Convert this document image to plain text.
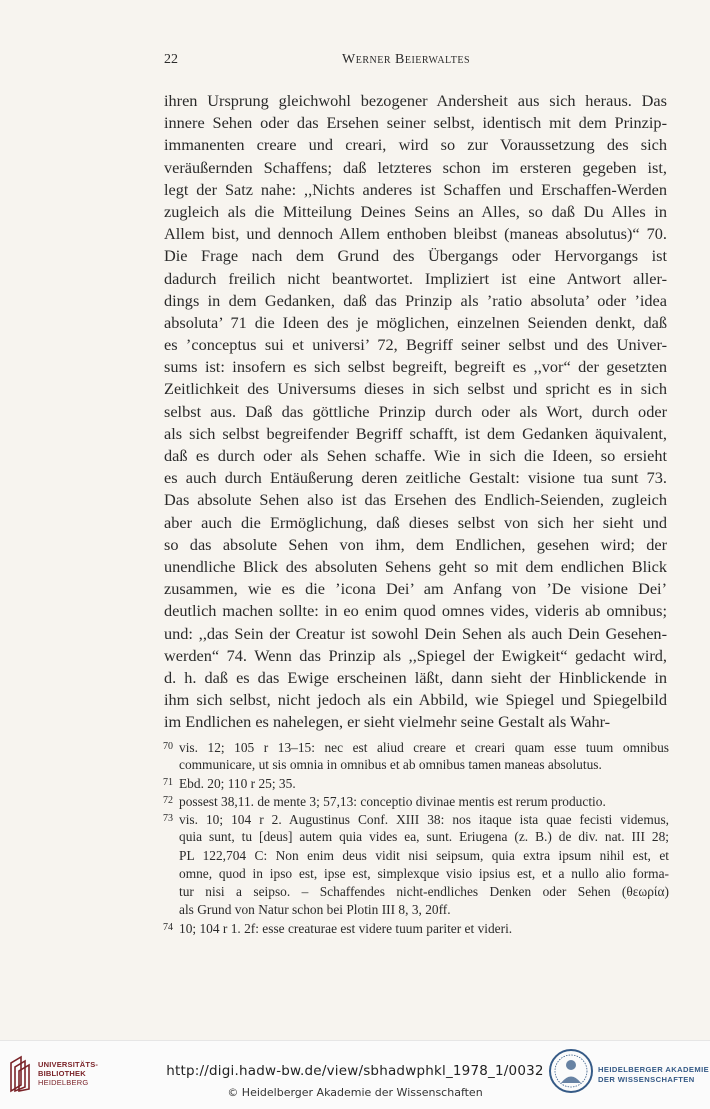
22	Werner Beierwaltes
ihren Ursprung gleichwohl bezogener Andersheit aus sich heraus. Das
innere Sehen oder das Ersehen seiner selbst, identisch mit dem Prinzip-
immanenten creare und creari, wird so zur Voraussetzung des sich
veräußernden Schaffens; daß letzteres schon im ersteren gegeben ist,
legt der Satz nahe: ,,Nichts anderes ist Schaffen und Erschaffen-Werden
zugleich als die Mitteilung Deines Seins an Alles, so daß Du Alles in
Allem bist, und dennoch Allem enthoben bleibst (maneas absolutus)“ 70.
Die Frage nach dem Grund des Übergangs oder Hervorgangs ist
dadurch freilich nicht beantwortet. Impliziert ist eine Antwort aller-
dings in dem Gedanken, daß das Prinzip als ’ratio absoluta’ oder ’idea
absoluta’ 71 die Ideen des je möglichen, einzelnen Seienden denkt, daß
es ’conceptus sui et universi’ 72, Begriff seiner selbst und des Univer-
sums ist: insofern es sich selbst begreift, begreift es ,,vor“ der gesetzten
Zeitlichkeit des Universums dieses in sich selbst und spricht es in sich
selbst aus. Daß das göttliche Prinzip durch oder als Wort, durch oder
als sich selbst begreifender Begriff schafft, ist dem Gedanken äquivalent,
daß es durch oder als Sehen schaffe. Wie in sich die Ideen, so ersieht
es auch durch Entäußerung deren zeitliche Gestalt: visione tua sunt 73.
Das absolute Sehen also ist das Ersehen des Endlich-Seienden, zugleich
aber auch die Ermöglichung, daß dieses selbst von sich her sieht und
so das absolute Sehen von ihm, dem Endlichen, gesehen wird; der
unendliche Blick des absoluten Sehens geht so mit dem endlichen Blick
zusammen, wie es die ’icona Dei’ am Anfang von ’De visione Dei’
deutlich machen sollte: in eo enim quod omnes vides, videris ab omnibus;
und: ,,das Sein der Creatur ist sowohl Dein Sehen als auch Dein Gesehen-
werden“ 74. Wenn das Prinzip als ,,Spiegel der Ewigkeit“ gedacht wird,
d. h. daß es das Ewige erscheinen läßt, dann sieht der Hinblickende in
ihm sich selbst, nicht jedoch als ein Abbild, wie Spiegel und Spiegelbild
im Endlichen es nahelegen, er sieht vielmehr seine Gestalt als Wahr-
70 vis. 12; 105 r 13–15: nec est aliud creare et creari quam esse tuum omnibus
communicare, ut sis omnia in omnibus et ab omnibus tamen maneas absolutus.
71 Ebd. 20; 110 r 25; 35.
72 possest 38,11. de mente 3; 57,13: conceptio divinae mentis est rerum productio.
73 vis. 10; 104 r 2. Augustinus Conf. XIII 38: nos itaque ista quae fecisti videmus,
quia sunt, tu [deus] autem quia vides ea, sunt. Eriugena (z. B.) de div. nat. III 28;
PL 122,704 C: Non enim deus vidit nisi seipsum, quia extra ipsum nihil est, et
omne, quod in ipso est, ipse est, simplexque visio ipsius est, et a nullo alio forma-
tur nisi a seipso. – Schaffendes nicht-endliches Denken oder Sehen (θεωρία)
als Grund von Natur schon bei Plotin III 8, 3, 20ff.
74 10; 104 r 1. 2f: esse creaturae est videre tuum pariter et videri.
UNIVERSITÄTS-
BIBLIOTHEK
HEIDELBERG
http://digi.hadw-bw.de/view/sbhadwphkl_1978_1/0032
© Heidelberger Akademie der Wissenschaften
HEIDELBERGER AKADEMIE
DER WISSENSCHAFTEN
